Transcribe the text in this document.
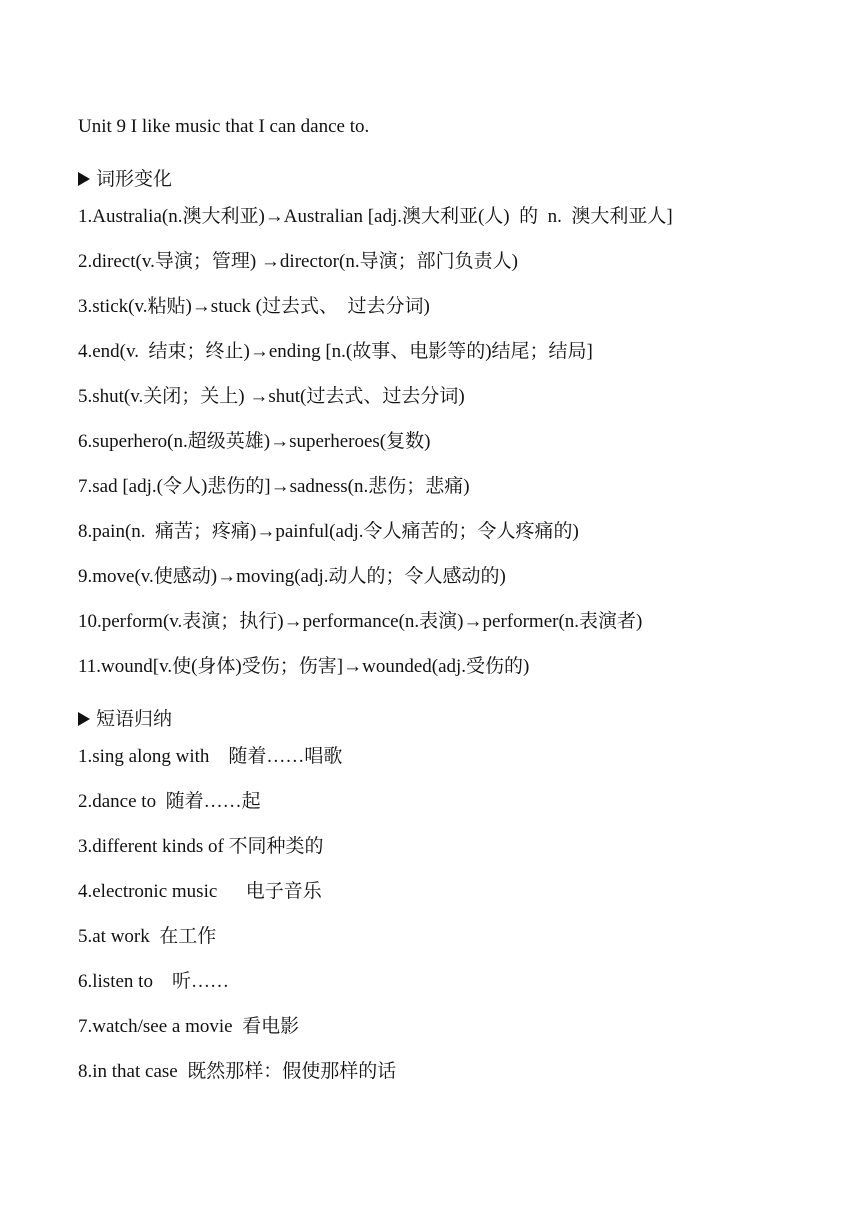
Unit 9 I like music that I can dance to.
词形变化
1.Australia(n.澳大利亚)→Australian [adj.澳大利亚(人)  的  n.  澳大利亚人]
2.direct(v.导演；管理) →director(n.导演；部门负责人)
3.stick(v.粘贴)→stuck (过去式、  过去分词)
4.end(v.  结束；终止)→ending [n.(故事、电影等的)结尾；结局]
5.shut(v.关闭；关上) →shut(过去式、过去分词)
6.superhero(n.超级英雄)→superheroes(复数)
7.sad [adj.(令人)悲伤的]→sadness(n.悲伤；悲痛)
8.pain(n.  痛苦；疼痛)→painful(adj.令人痛苦的；令人疼痛的)
9.move(v.使感动)→moving(adj.动人的；令人感动的)
10.perform(v.表演；执行)→performance(n.表演)→performer(n.表演者)
11.wound[v.使(身体)受伤；伤害]→wounded(adj.受伤的)
短语归纳
1.sing along with    随着……唱歌
2.dance to  随着……起
3.different kinds of 不同种类的
4.electronic music      电子音乐
5.at work  在工作
6.listen to    听……
7.watch/see a movie  看电影
8.in that case  既然那样：假使那样的话
